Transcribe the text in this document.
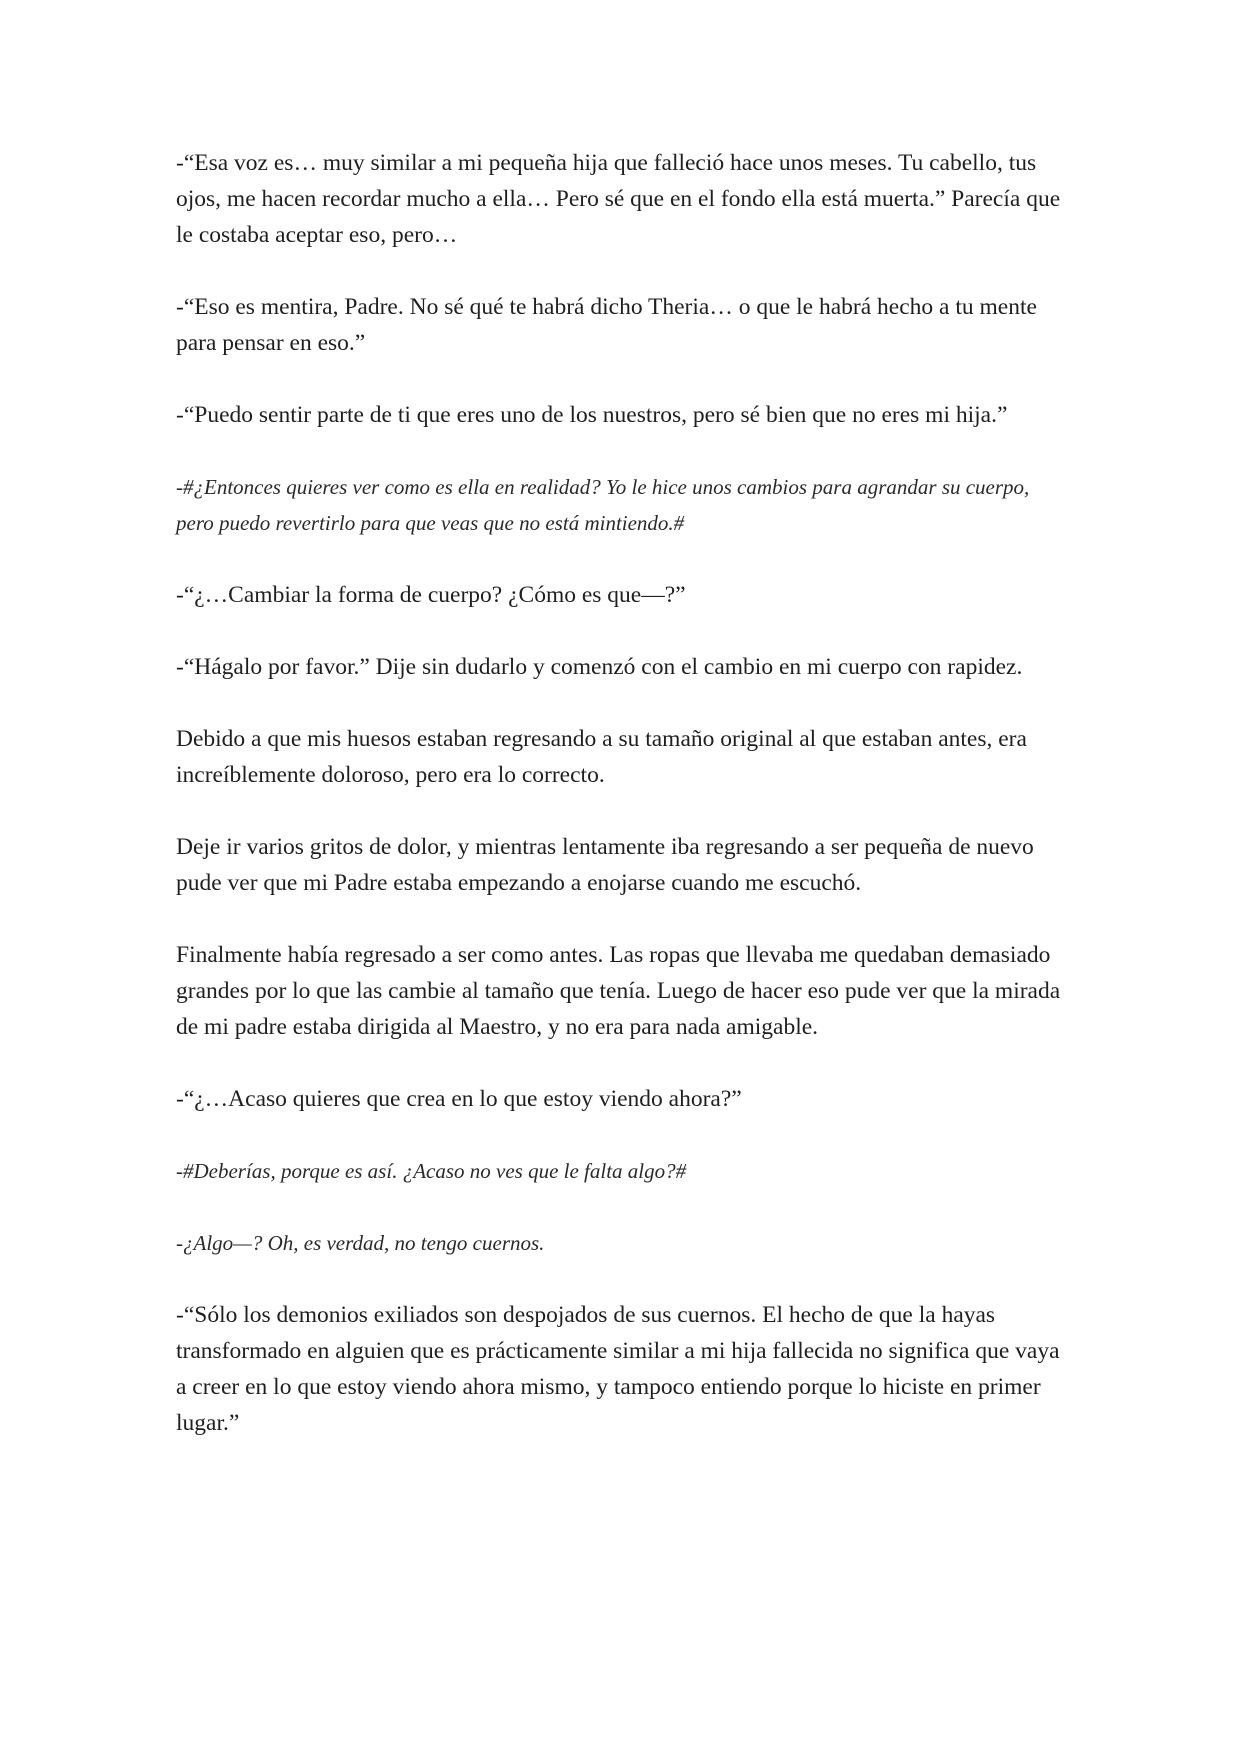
-“Esa voz es… muy similar a mi pequeña hija que falleció hace unos meses. Tu cabello, tus ojos, me hacen recordar mucho a ella… Pero sé que en el fondo ella está muerta.” Parecía que le costaba aceptar eso, pero…

-“Eso es mentira, Padre. No sé qué te habrá dicho Theria… o que le habrá hecho a tu mente para pensar en eso.”

-“Puedo sentir parte de ti que eres uno de los nuestros, pero sé bien que no eres mi hija.”

-#¿Entonces quieres ver como es ella en realidad? Yo le hice unos cambios para agrandar su cuerpo, pero puedo revertirlo para que veas que no está mintiendo.#

-“¿…Cambiar la forma de cuerpo? ¿Cómo es que—?”

-“Hágalo por favor.” Dije sin dudarlo y comenzó con el cambio en mi cuerpo con rapidez.

Debido a que mis huesos estaban regresando a su tamaño original al que estaban antes, era increíblemente doloroso, pero era lo correcto.

Deje ir varios gritos de dolor, y mientras lentamente iba regresando a ser pequeña de nuevo pude ver que mi Padre estaba empezando a enojarse cuando me escuchó.

Finalmente había regresado a ser como antes. Las ropas que llevaba me quedaban demasiado grandes por lo que las cambie al tamaño que tenía. Luego de hacer eso pude ver que la mirada de mi padre estaba dirigida al Maestro, y no era para nada amigable.

-“¿…Acaso quieres que crea en lo que estoy viendo ahora?”

-#Deberías, porque es así. ¿Acaso no ves que le falta algo?#

-¿Algo—? Oh, es verdad, no tengo cuernos.

-“Sólo los demonios exiliados son despojados de sus cuernos. El hecho de que la hayas transformado en alguien que es prácticamente similar a mi hija fallecida no significa que vaya a creer en lo que estoy viendo ahora mismo, y tampoco entiendo porque lo hiciste en primer lugar.”
